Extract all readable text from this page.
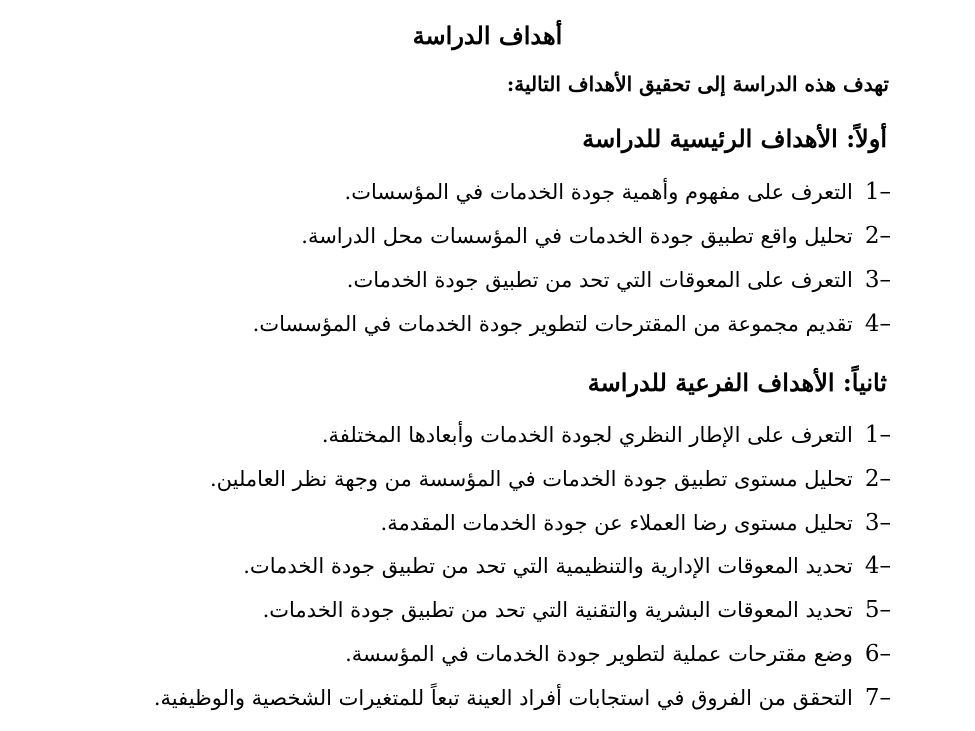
أهداف الدراسة
تهدف هذه الدراسة إلى تحقيق الأهداف التالية:
أولاً: الأهداف الرئيسية للدراسة
1–
التعرف على مفهوم وأهمية جودة الخدمات في المؤسسات.
2–
تحليل واقع تطبيق جودة الخدمات في المؤسسات محل الدراسة.
3–
التعرف على المعوقات التي تحد من تطبيق جودة الخدمات.
4–
تقديم مجموعة من المقترحات لتطوير جودة الخدمات في المؤسسات.
ثانياً: الأهداف الفرعية للدراسة
1–
التعرف على الإطار النظري لجودة الخدمات وأبعادها المختلفة.
2–
تحليل مستوى تطبيق جودة الخدمات في المؤسسة من وجهة نظر العاملين.
3–
تحليل مستوى رضا العملاء عن جودة الخدمات المقدمة.
4–
تحديد المعوقات الإدارية والتنظيمية التي تحد من تطبيق جودة الخدمات.
5–
تحديد المعوقات البشرية والتقنية التي تحد من تطبيق جودة الخدمات.
6–
وضع مقترحات عملية لتطوير جودة الخدمات في المؤسسة.
7–
التحقق من الفروق في استجابات أفراد العينة تبعاً للمتغيرات الشخصية والوظيفية.
